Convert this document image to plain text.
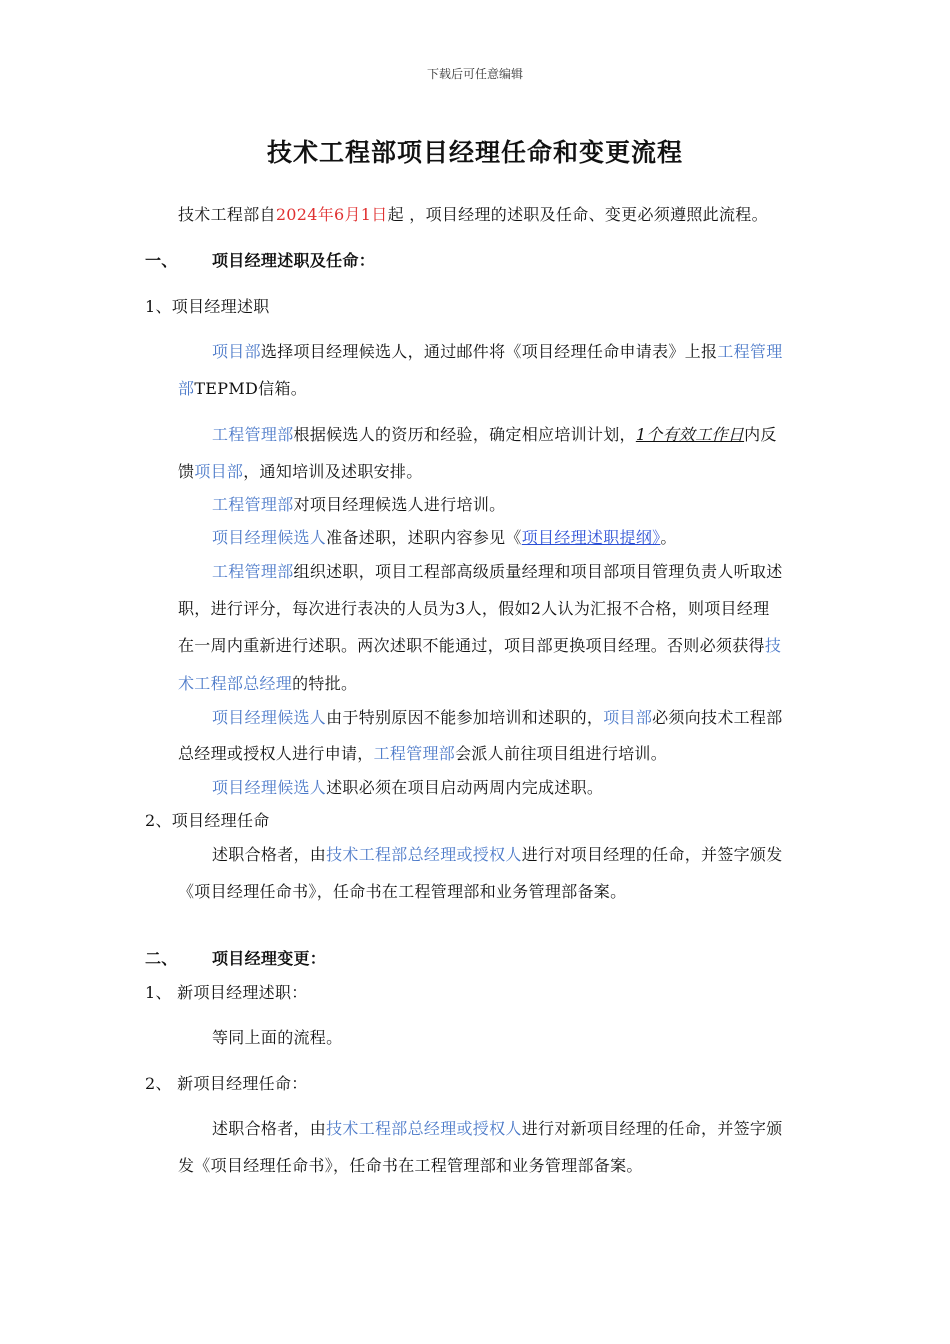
下载后可任意编辑
技术工程部项目经理任命和变更流程
技术工程部自2024年6月1日起 ，项目经理的述职及任命、变更必须遵照此流程。
一、 项目经理述职及任命：
1、项目经理述职
项目部选择项目经理候选人，通过邮件将《项目经理任命申请表》上报工程管理
部TEPMD信箱。
工程管理部根据候选人的资历和经验，确定相应培训计划，1个有效工作日内反
馈项目部，通知培训及述职安排。
工程管理部对项目经理候选人进行培训。
项目经理候选人准备述职，述职内容参见《项目经理述职提纲》。
工程管理部组织述职，项目工程部高级质量经理和项目部项目管理负责人听取述
职，进行评分，每次进行表决的人员为3人，假如2人认为汇报不合格，则项目经理
在一周内重新进行述职。两次述职不能通过，项目部更换项目经理。否则必须获得技
术工程部总经理的特批。
项目经理候选人由于特别原因不能参加培训和述职的，项目部必须向技术工程部
总经理或授权人进行申请，工程管理部会派人前往项目组进行培训。
项目经理候选人述职必须在项目启动两周内完成述职。
2、项目经理任命
述职合格者，由技术工程部总经理或授权人进行对项目经理的任命，并签字颁发
《项目经理任命书》，任命书在工程管理部和业务管理部备案。
二、 项目经理变更：
1、 新项目经理述职：
等同上面的流程。
2、 新项目经理任命：
述职合格者，由技术工程部总经理或授权人进行对新项目经理的任命，并签字颁
发《项目经理任命书》，任命书在工程管理部和业务管理部备案。
